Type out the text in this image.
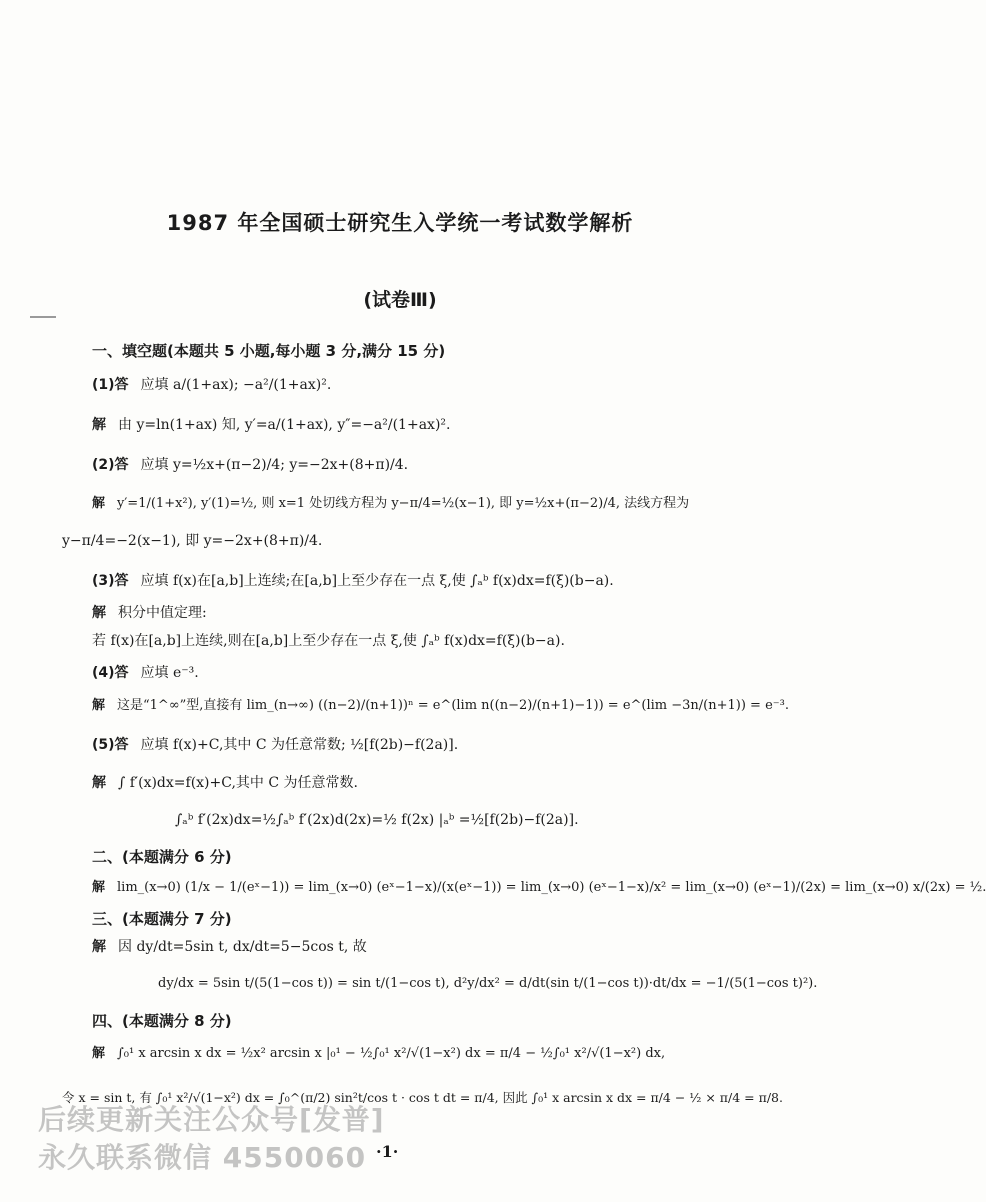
1987 年全国硕士研究生入学统一考试数学解析
(试卷Ⅲ)
一、填空题(本题共 5 小题,每小题 3 分,满分 15 分)
(1)答 应填 a/(1+ax); −a²/(1+ax)².
解 由 y=ln(1+ax) 知, y′=a/(1+ax), y″=−a²/(1+ax)².
(2)答 应填 y=½x+(π−2)/4; y=−2x+(8+π)/4.
解 y′=1/(1+x²), y′(1)=½, 则 x=1 处切线方程为 y−π/4=½(x−1), 即 y=½x+(π−2)/4, 法线方程为
y−π/4=−2(x−1), 即 y=−2x+(8+π)/4.
(3)答 应填 f(x)在[a,b]上连续;在[a,b]上至少存在一点 ξ,使 ∫ₐᵇ f(x)dx=f(ξ)(b−a).
解 积分中值定理:
若 f(x)在[a,b]上连续,则在[a,b]上至少存在一点 ξ,使 ∫ₐᵇ f(x)dx=f(ξ)(b−a).
(4)答 应填 e⁻³.
解 这是“1^∞”型,直接有 lim_(n→∞) ((n−2)/(n+1))ⁿ = e^(lim n((n−2)/(n+1)−1)) = e^(lim −3n/(n+1)) = e⁻³.
(5)答 应填 f(x)+C,其中 C 为任意常数; ½[f(2b)−f(2a)].
解 ∫ f′(x)dx=f(x)+C,其中 C 为任意常数.
∫ₐᵇ f′(2x)dx=½∫ₐᵇ f′(2x)d(2x)=½ f(2x) |ₐᵇ =½[f(2b)−f(2a)].
二、(本题满分 6 分)
解 lim_(x→0) (1/x − 1/(eˣ−1)) = lim_(x→0) (eˣ−1−x)/(x(eˣ−1)) = lim_(x→0) (eˣ−1−x)/x² = lim_(x→0) (eˣ−1)/(2x) = lim_(x→0) x/(2x) = ½.
三、(本题满分 7 分)
解 因 dy/dt=5sin t, dx/dt=5−5cos t, 故
dy/dx = 5sin t/(5(1−cos t)) = sin t/(1−cos t), d²y/dx² = d/dt(sin t/(1−cos t))·dt/dx = −1/(5(1−cos t)²).
四、(本题满分 8 分)
解 ∫₀¹ x arcsin x dx = ½x² arcsin x |₀¹ − ½∫₀¹ x²/√(1−x²) dx = π/4 − ½∫₀¹ x²/√(1−x²) dx,
令 x = sin t, 有 ∫₀¹ x²/√(1−x²) dx = ∫₀^(π/2) sin²t/cos t · cos t dt = π/4, 因此 ∫₀¹ x arcsin x dx = π/4 − ½ × π/4 = π/8.
后续更新关注公众号[发普]
永久联系微信 4550060 ·1·
